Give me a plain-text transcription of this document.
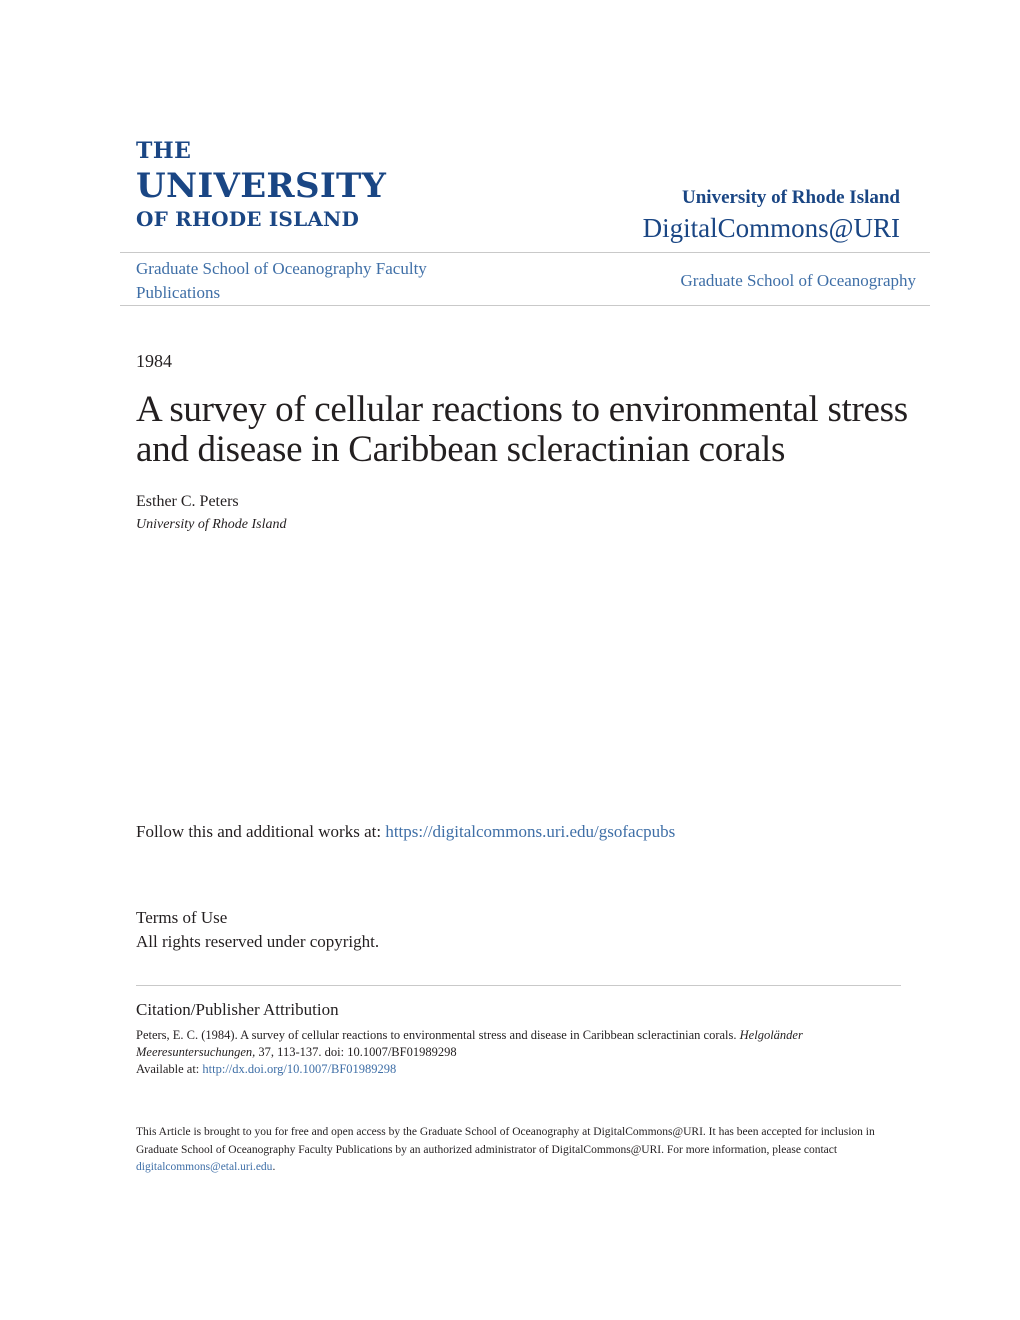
THE
UNIVERSITY
OF RHODE ISLAND
University of Rhode Island
DigitalCommons@URI
Graduate School of Oceanography Faculty Publications
Graduate School of Oceanography
1984
A survey of cellular reactions to environmental stress and disease in Caribbean scleractinian corals
Esther C. Peters
University of Rhode Island
Follow this and additional works at: https://digitalcommons.uri.edu/gsofacpubs
Terms of Use
All rights reserved under copyright.
Citation/Publisher Attribution
Peters, E. C. (1984). A survey of cellular reactions to environmental stress and disease in Caribbean scleractinian corals. Helgoländer Meeresuntersuchungen, 37, 113-137. doi: 10.1007/BF01989298
Available at: http://dx.doi.org/10.1007/BF01989298
This Article is brought to you for free and open access by the Graduate School of Oceanography at DigitalCommons@URI. It has been accepted for inclusion in Graduate School of Oceanography Faculty Publications by an authorized administrator of DigitalCommons@URI. For more information, please contact digitalcommons@etal.uri.edu.
